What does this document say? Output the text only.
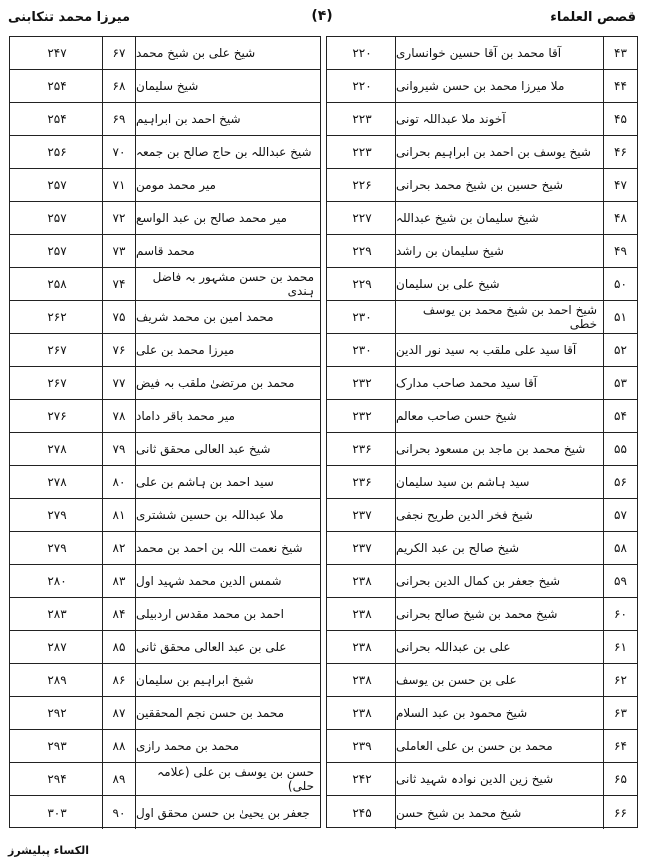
قصص العلماء
(۴)
میرزا محمد تنکابنی
۴۳
آقا محمد بن آقا حسین خوانساری
۲۲۰
۴۴
ملا میرزا محمد بن حسن شیروانی
۲۲۰
۴۵
آخوند ملا عبداللہ تونی
۲۲۳
۴۶
شیخ یوسف بن احمد بن ابراہیم بحرانی
۲۲۳
۴۷
شیخ حسین بن شیخ محمد بحرانی
۲۲۶
۴۸
شیخ سلیمان بن شیخ عبداللہ
۲۲۷
۴۹
شیخ سلیمان بن راشد
۲۲۹
۵۰
شیخ علی بن سلیمان
۲۲۹
۵۱
شیخ احمد بن شیخ محمد بن یوسف خطی
۲۳۰
۵۲
آقا سید علی ملقب بہ سید نور الدین
۲۳۰
۵۳
آقا سید محمد صاحب مدارک
۲۳۲
۵۴
شیخ حسن صاحب معالم
۲۳۲
۵۵
شیخ محمد بن ماجد بن مسعود بحرانی
۲۳۶
۵۶
سید ہاشم بن سید سلیمان
۲۳۶
۵۷
شیخ فخر الدین طریح نجفی
۲۳۷
۵۸
شیخ صالح بن عبد الکریم
۲۳۷
۵۹
شیخ جعفر بن کمال الدین بحرانی
۲۳۸
۶۰
شیخ محمد بن شیخ صالح بحرانی
۲۳۸
۶۱
علی بن عبداللہ بحرانی
۲۳۸
۶۲
علی بن حسن بن یوسف
۲۳۸
۶۳
شیخ محمود بن عبد السلام
۲۳۸
۶۴
محمد بن حسن بن علی العاملی
۲۳۹
۶۵
شیخ زین الدین نوادہ شہید ثانی
۲۴۲
۶۶
شیخ محمد بن شیخ حسن
۲۴۵
۶۷ شیخ علی بن شیخ محمد
۲۴۷
۶۸ شیخ سلیمان
۲۵۴
۶۹ شیخ احمد بن ابراہیم
۲۵۴
۷۰ شیخ عبداللہ بن حاج صالح بن جمعہ
۲۵۶
۷۱ میر محمد مومن
۲۵۷
۷۲ میر محمد صالح بن عبد الواسع
۲۵۷
۷۳ محمد قاسم
۲۵۷
۷۴	محمد بن حسن مشہور بہ فاضل ہندی
۲۵۸
۷۵ محمد امین بن محمد شریف
۲۶۲
۷۶ میرزا محمد بن علی
۲۶۷
۷۷ محمد بن مرتضیٰ ملقب بہ فیض
۲۶۷
۷۸ میر محمد باقر داماد
۲۷۶
۷۹ شیخ عبد العالی محقق ثانی
۲۷۸
۸۰ سید احمد بن ہاشم بن علی
۲۷۸
۸۱ ملا عبداللہ بن حسین ششتری
۲۷۹
۸۲ شیخ نعمت اللہ بن احمد بن محمد
۲۷۹
۸۳ شمس الدین محمد شہید اول
۲۸۰
۸۴ احمد بن محمد مقدس اردبیلی
۲۸۳
۸۵ علی بن عبد العالی محقق ثانی
۲۸۷
۸۶ شیخ ابراہیم بن سلیمان
۲۸۹
۸۷ محمد بن حسن نجم المحققین
۲۹۲
۸۸ محمد بن محمد رازی
۲۹۳
۸۹	حسن بن یوسف بن علی (علامہ حلی)
۲۹۴
۹۰ جعفر بن یحییٰ بن حسن محقق اول
۳۰۳
الکساء پبلیشرز
